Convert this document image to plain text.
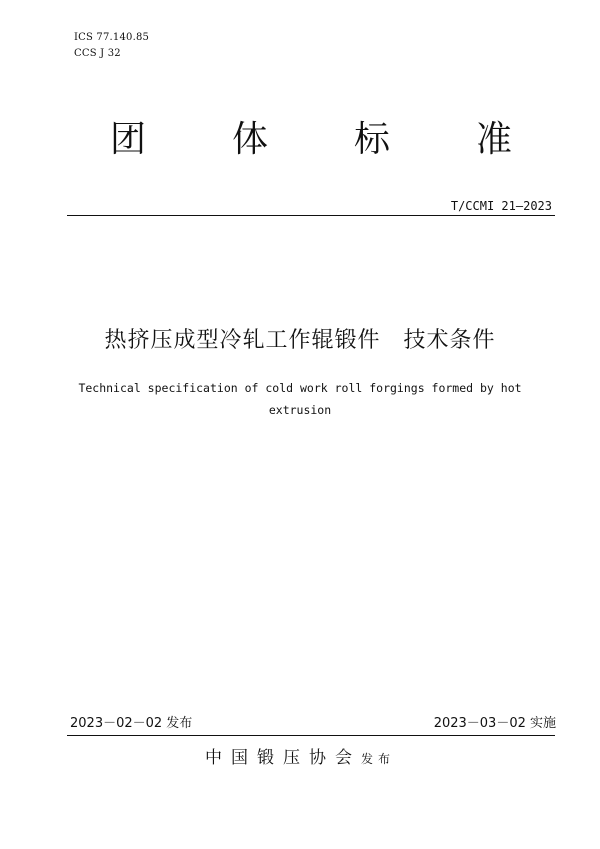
ICS 77.140.85
CCS J 32
团 体 标 准
T/CCMI 21—2023
热挤压成型冷轧工作辊锻件　技术条件
Technical specification of cold work roll forgings formed by hot
extrusion
2023－02－02 发布	2023－03－02 实施
中国锻压协会发布
